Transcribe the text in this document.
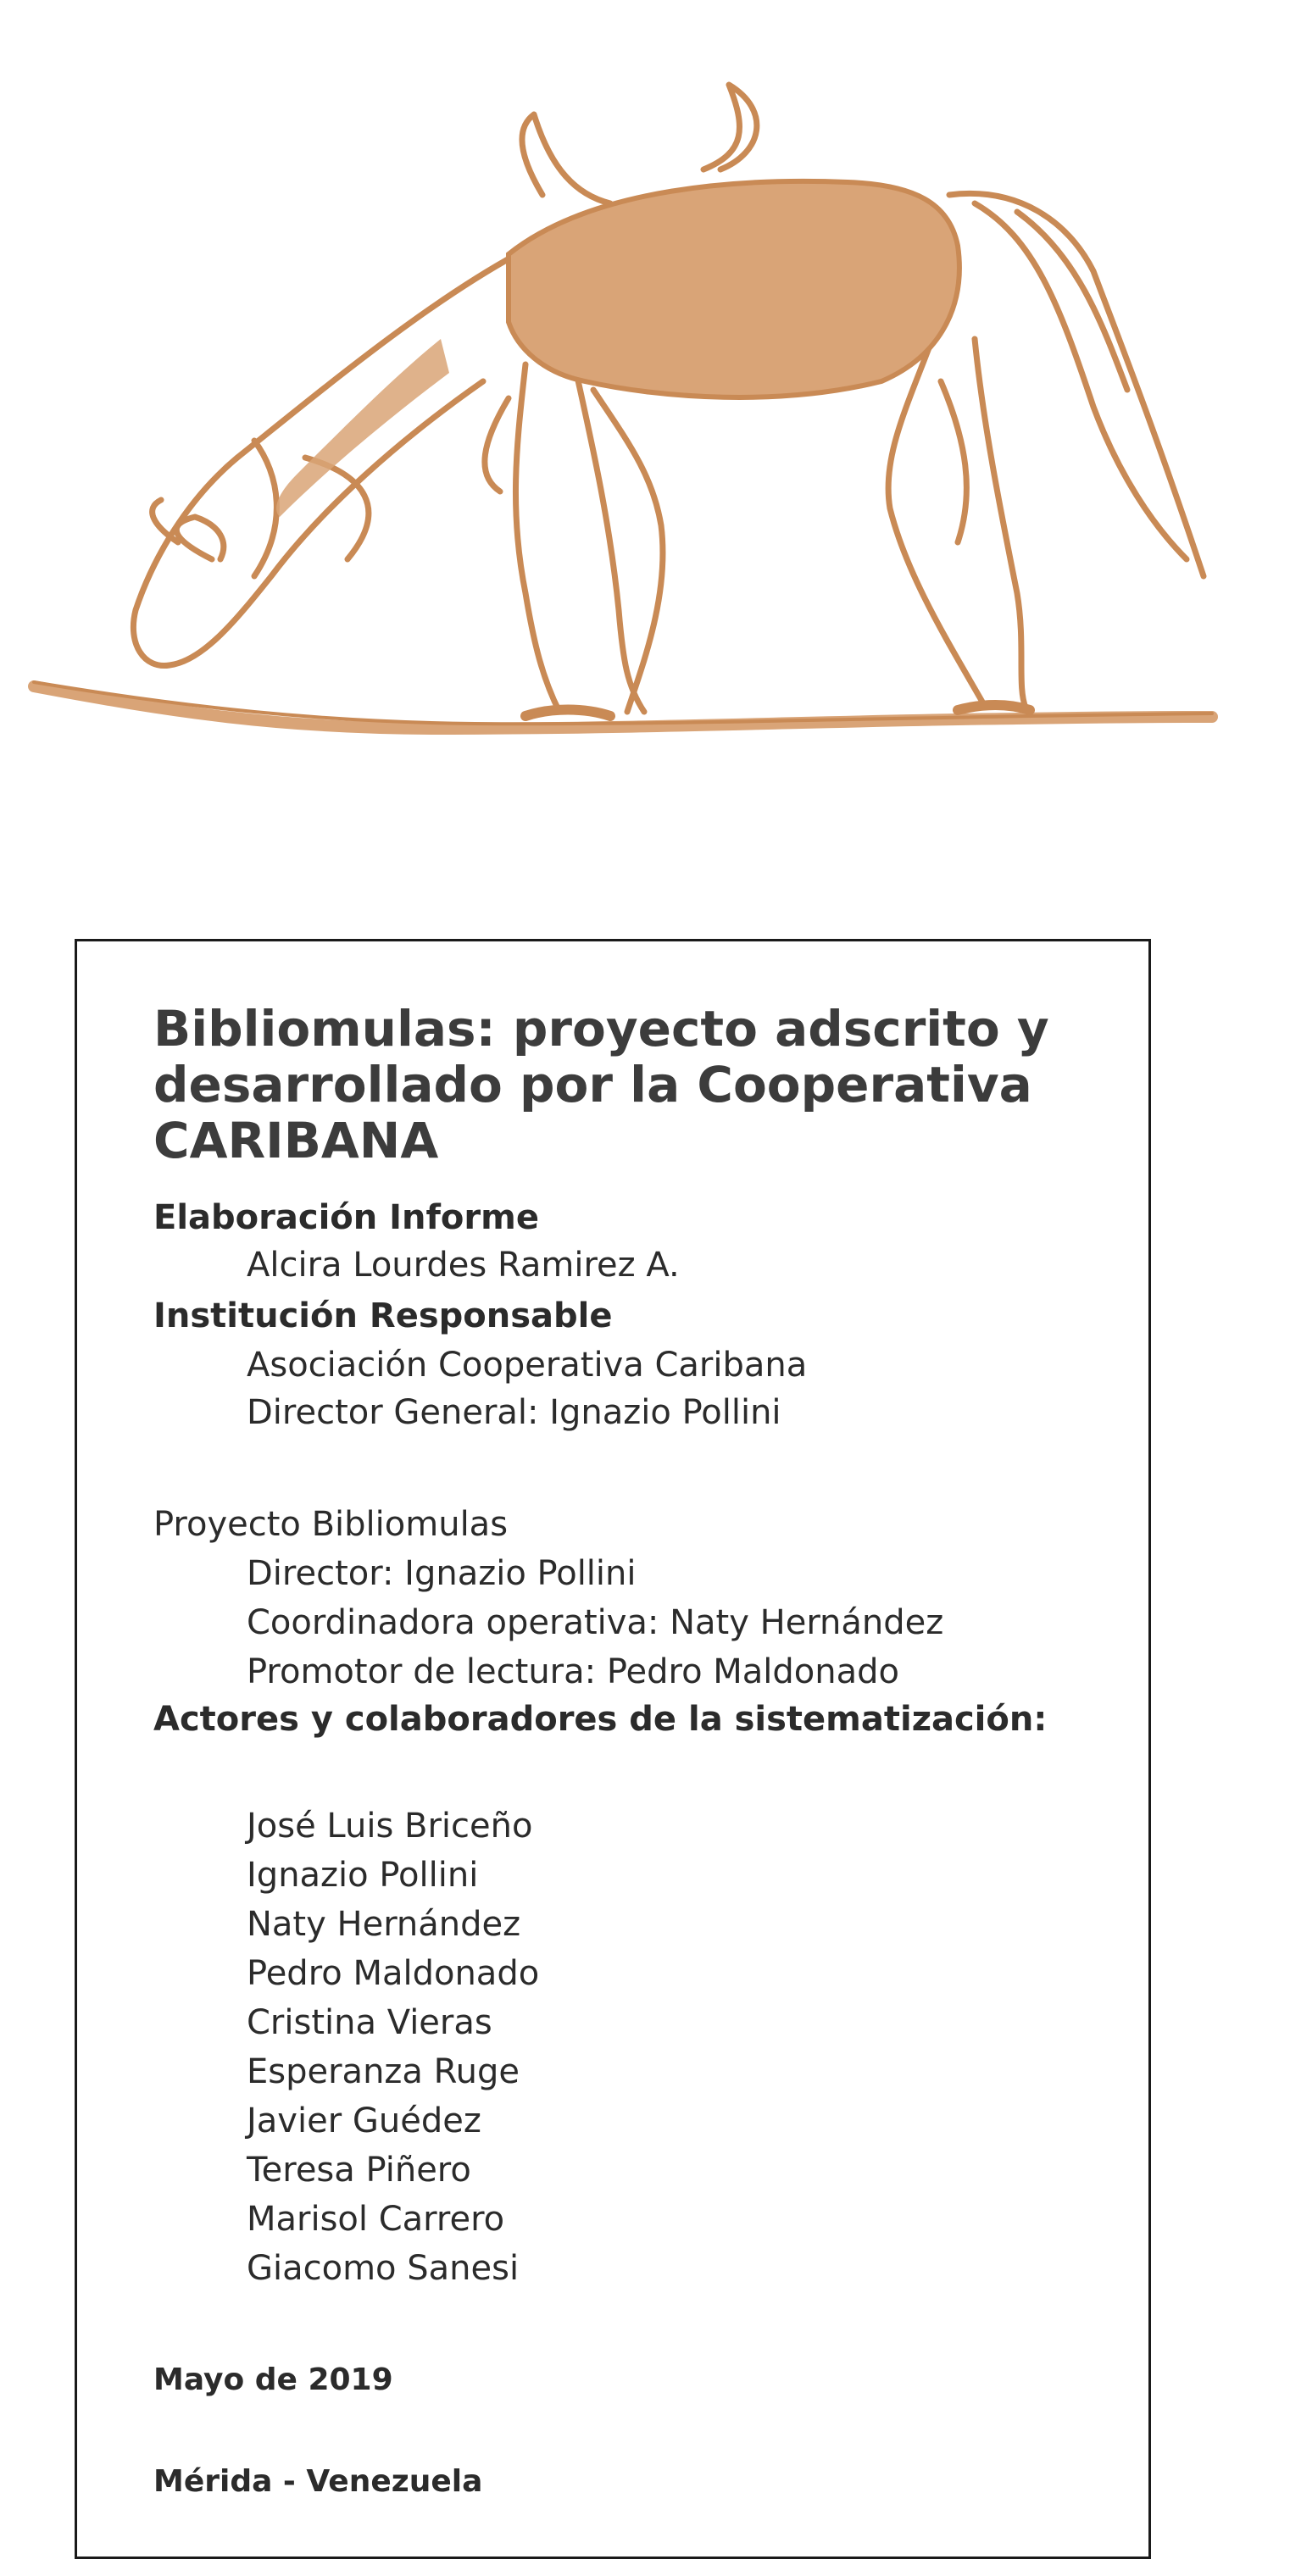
Bibliomulas: proyecto adscrito y desarrollado por la Cooperativa CARIBANA
Elaboración Informe
Alcira Lourdes Ramirez A.
Institución Responsable
Asociación Cooperativa Caribana
Director General: Ignazio Pollini
Proyecto Bibliomulas
Director: Ignazio Pollini
Coordinadora operativa: Naty Hernández
Promotor de lectura: Pedro Maldonado
Actores y colaboradores de la sistematización:
José Luis Briceño
Ignazio Pollini
Naty Hernández
Pedro Maldonado
Cristina Vieras
Esperanza Ruge
Javier Guédez
Teresa Piñero
Marisol Carrero
Giacomo Sanesi
Mayo de 2019
Mérida - Venezuela
